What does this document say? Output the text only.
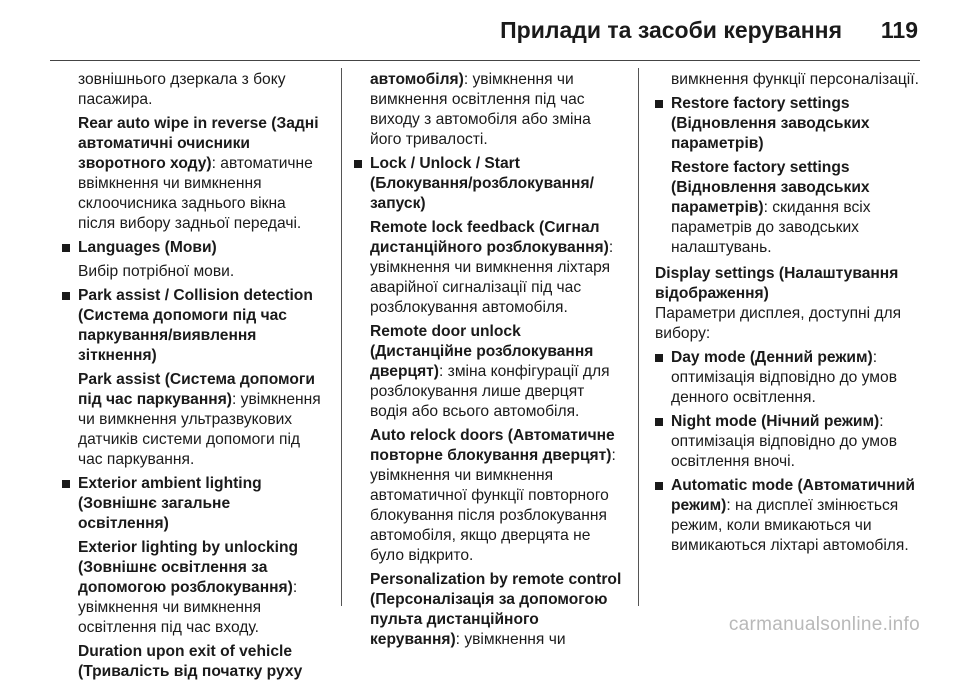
Прилади та засоби керування 119

зовнішнього дзеркала з боку пасажира.

Rear auto wipe in reverse (Задні автоматичні очисники зворотного ходу): автоматичне ввімкнення чи вимкнення склоочисника заднього вікна після вибору задньої передачі.

Languages (Мови)
Вибір потрібної мови.
Park assist / Collision detection (Система допомоги під час паркування/виявлення зіткнення)
Park assist (Система допомоги під час паркування): увімкнення чи вимкнення ультразвукових датчиків системи допомоги під час паркування.
Exterior ambient lighting (Зовнішнє загальне освітлення)
Exterior lighting by unlocking (Зовнішнє освітлення за допомогою розблокування): увімкнення чи вимкнення освітлення під час входу.
Duration upon exit of vehicle (Тривалість від початку руху

автомобіля): увімкнення чи вимкнення освітлення під час виходу з автомобіля або зміна його тривалості.

Lock / Unlock / Start (Блокування/розблокування/запуск)
Remote lock feedback (Сигнал дистанційного розблокування): увімкнення чи вимкнення ліхтаря аварійної сигналізації під час розблокування автомобіля.
Remote door unlock (Дистанційне розблокування дверцят): зміна конфігурації для розблокування лише дверцят водія або всього автомобіля.
Auto relock doors (Автоматичне повторне блокування дверцят): увімкнення чи вимкнення автоматичної функції повторного блокування після розблокування автомобіля, якщо дверцята не було відкрито.
Personalization by remote control (Персоналізація за допомогою пульта дистанційного керування): увімкнення чи

вимкнення функції персоналізації.

Restore factory settings (Відновлення заводських параметрів)
Restore factory settings (Відновлення заводських параметрів): скидання всіх параметрів до заводських налаштувань.
Display settings (Налаштування відображення)

Параметри дисплея, доступні для вибору:

Day mode (Денний режим): оптимізація відповідно до умов денного освітлення.
Night mode (Нічний режим): оптимізація відповідно до умов освітлення вночі.
Automatic mode (Автоматичний режим): на дисплеї змінюється режим, коли вмикаються чи вимикаються ліхтарі автомобіля.
carmanualsonline.info
